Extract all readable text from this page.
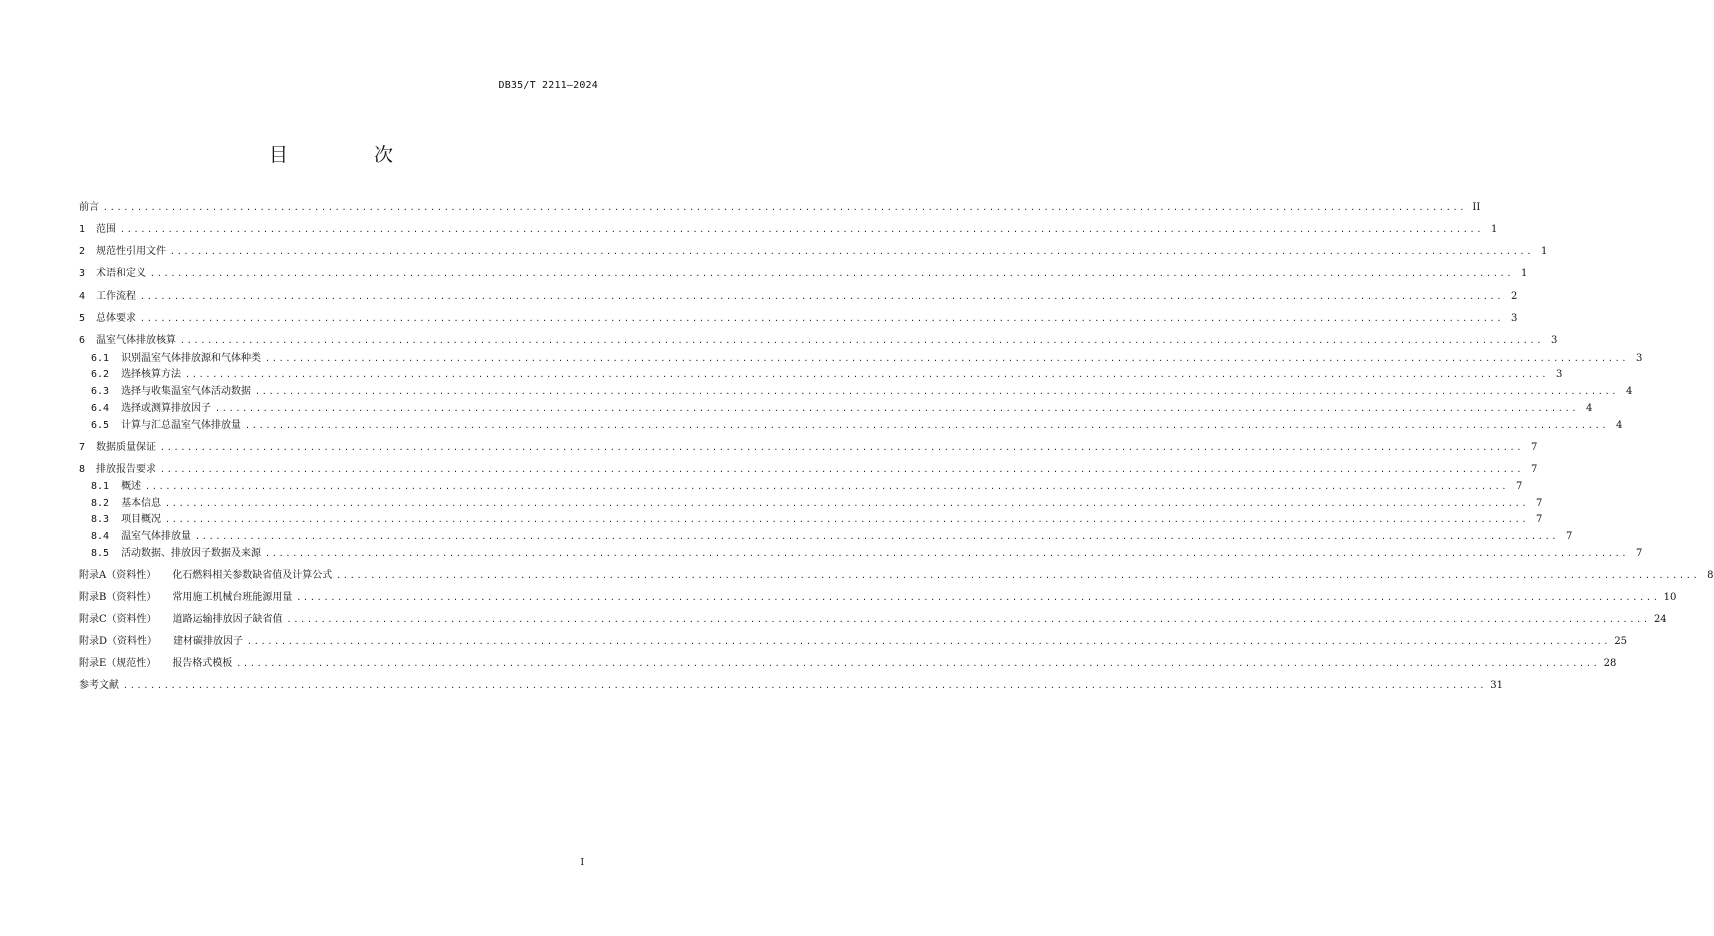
DB35/T 2211—2024
目 次
前言 ........................................................................................................................................................................................................ II
1 范围 ........................................................................................................................................................................................................ 1
2 规范性引用文件 ........................................................................................................................................................................................................ 1
3 术语和定义 ........................................................................................................................................................................................................ 1
4 工作流程 ........................................................................................................................................................................................................ 2
5 总体要求 ........................................................................................................................................................................................................ 3
6 温室气体排放核算 ........................................................................................................................................................................................................ 3
6.1 识别温室气体排放源和气体种类 ........................................................................................................................................................................................................ 3
6.2 选择核算方法 ........................................................................................................................................................................................................ 3
6.3 选择与收集温室气体活动数据 ........................................................................................................................................................................................................ 4
6.4 选择或测算排放因子 ........................................................................................................................................................................................................ 4
6.5 计算与汇总温室气体排放量 ........................................................................................................................................................................................................ 4
7 数据质量保证 ........................................................................................................................................................................................................ 7
8 排放报告要求 ........................................................................................................................................................................................................ 7
8.1 概述 ........................................................................................................................................................................................................ 7
8.2 基本信息 ........................................................................................................................................................................................................ 7
8.3 项目概况 ........................................................................................................................................................................................................ 7
8.4 温室气体排放量 ........................................................................................................................................................................................................ 7
8.5 活动数据、排放因子数据及来源 ........................................................................................................................................................................................................ 7
附录A（资料性） 化石燃料相关参数缺省值及计算公式 ........................................................................................................................................................................................................ 8
附录B（资料性） 常用施工机械台班能源用量 ........................................................................................................................................................................................................ 10
附录C（资料性） 道路运输排放因子缺省值 ........................................................................................................................................................................................................ 24
附录D（资料性） 建材碳排放因子 ........................................................................................................................................................................................................ 25
附录E（规范性） 报告格式模板 ........................................................................................................................................................................................................ 28
参考文献 ........................................................................................................................................................................................................ 31
I
